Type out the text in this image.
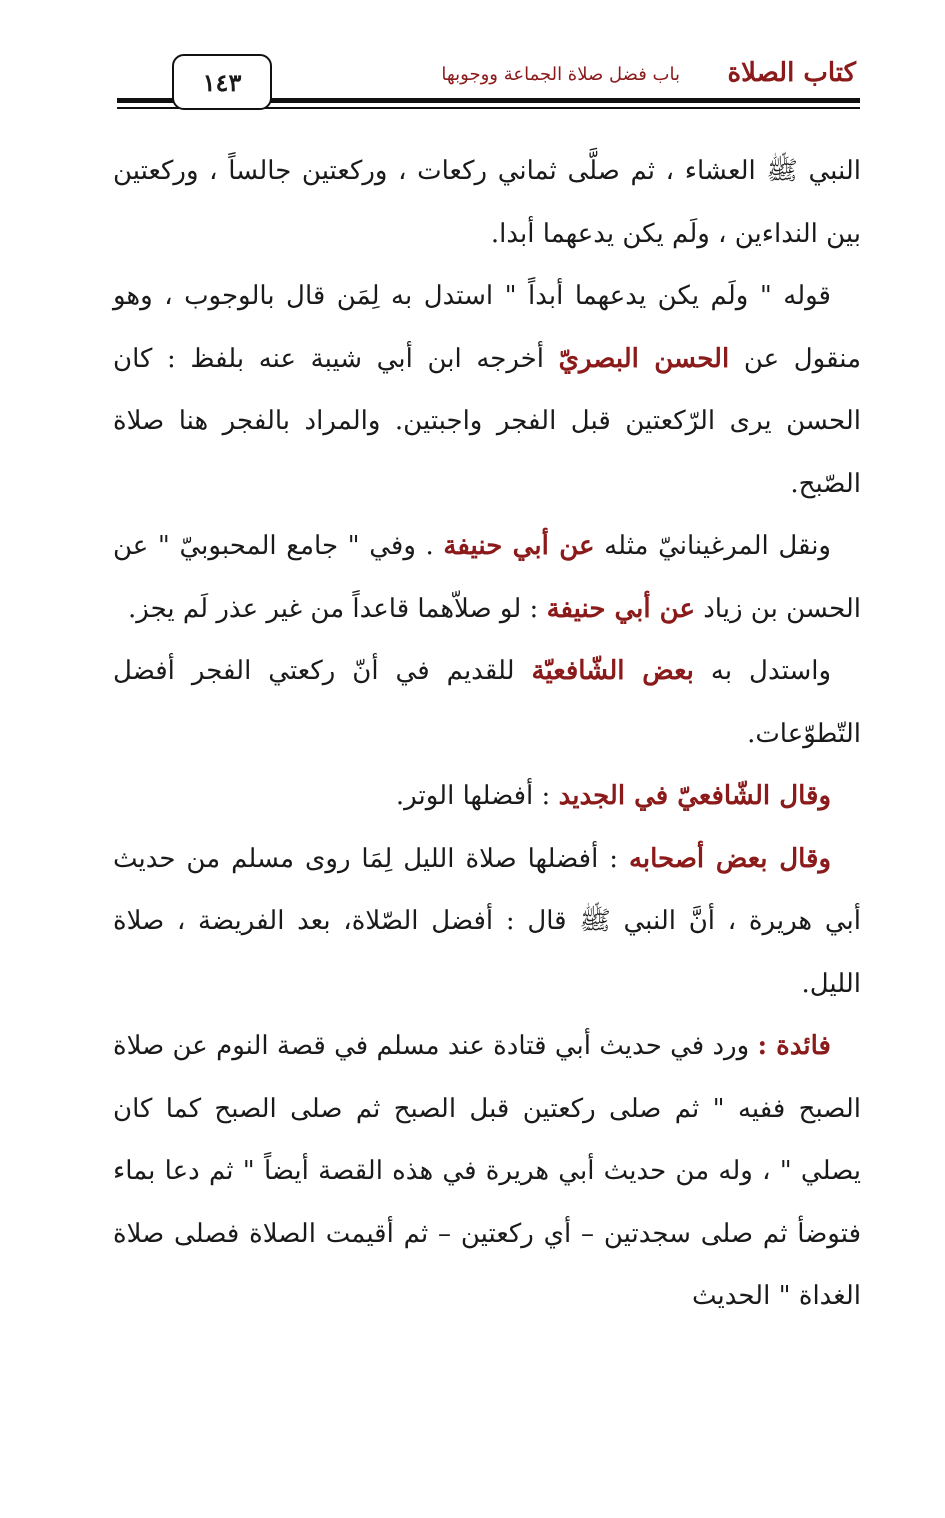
كتاب الصلاة
باب فضل صلاة الجماعة ووجوبها
١٤٣

النبي ﷺ العشاء ، ثم صلَّى ثماني ركعات ، وركعتين جالساً ، وركعتين بين النداءين ، ولَم يكن يدعهما أبدا.

قوله " ولَم يكن يدعهما أبداً " استدل به لِمَن قال بالوجوب ، وهو منقول عن الحسن البصريّ أخرجه ابن أبي شيبة عنه بلفظ : كان الحسن يرى الرّكعتين قبل الفجر واجبتين. والمراد بالفجر هنا صلاة الصّبح.

ونقل المرغينانيّ مثله عن أبي حنيفة . وفي " جامع المحبوبيّ " عن الحسن بن زياد عن أبي حنيفة : لو صلاّهما قاعداً من غير عذر لَم يجز.

واستدل به بعض الشّافعيّة للقديم في أنّ ركعتي الفجر أفضل التّطوّعات.

وقال الشّافعيّ في الجديد : أفضلها الوتر.

وقال بعض أصحابه : أفضلها صلاة الليل لِمَا روى مسلم من حديث أبي هريرة ، أنَّ النبي ﷺ قال : أفضل الصّلاة، بعد الفريضة ، صلاة الليل.

فائدة : ورد في حديث أبي قتادة عند مسلم في قصة النوم عن صلاة الصبح ففيه " ثم صلى ركعتين قبل الصبح ثم صلى الصبح كما كان يصلي " ، وله من حديث أبي هريرة في هذه القصة أيضاً " ثم دعا بماء فتوضأ ثم صلى سجدتين – أي ركعتين – ثم أقيمت الصلاة فصلى صلاة الغداة " الحديث
